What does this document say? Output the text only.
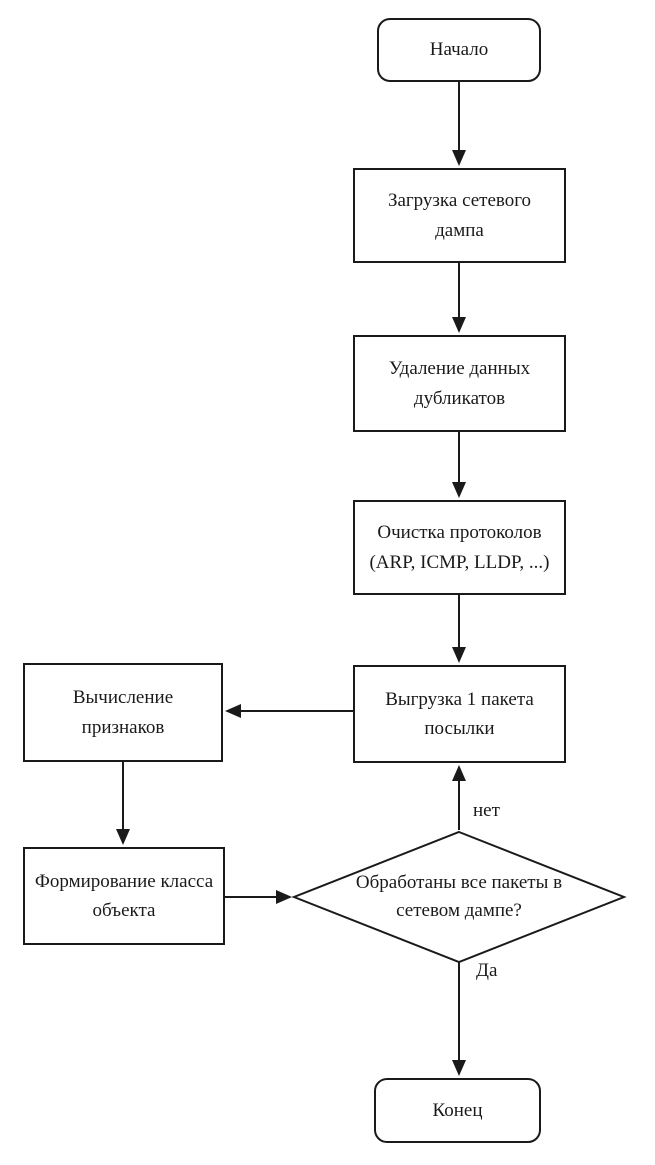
Начало
Загрузка сетевого дампа
Удаление данных дубликатов
Очистка протоколов (ARP, ICMP, LLDP, ...)
Выгрузка 1 пакета посылки
Вычисление признаков
Формирование класса объекта
Обработаны все пакеты в сетевом дампе?
Конец
нет
Да
